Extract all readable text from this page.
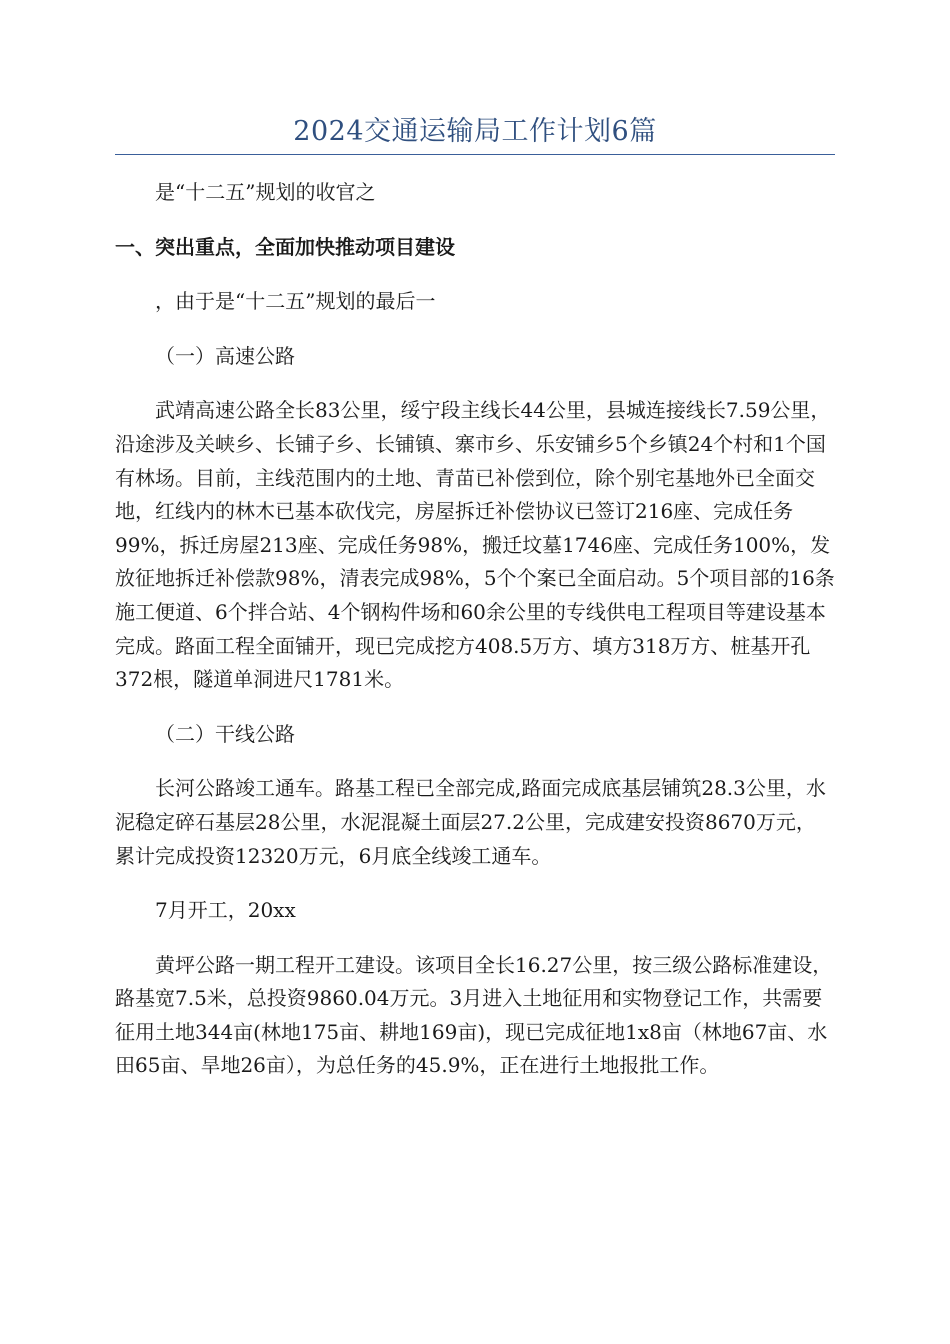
2024交通运输局工作计划6篇

是“十二五”规划的收官之

一、突出重点，全面加快推动项目建设

，由于是“十二五”规划的最后一

（一）高速公路

武靖高速公路全长83公里，绥宁段主线长44公里，县城连接线长7.59公里，沿途涉及关峡乡、长铺子乡、长铺镇、寨市乡、乐安铺乡5个乡镇24个村和1个国有林场。目前，主线范围内的土地、青苗已补偿到位，除个别宅基地外已全面交地，红线内的林木已基本砍伐完，房屋拆迁补偿协议已签订216座、完成任务99%，拆迁房屋213座、完成任务98%，搬迁坟墓1746座、完成任务100%，发放征地拆迁补偿款98%，清表完成98%，5个个案已全面启动。5个项目部的16条施工便道、6个拌合站、4个钢构件场和60余公里的专线供电工程项目等建设基本完成。路面工程全面铺开，现已完成挖方408.5万方、填方318万方、桩基开孔372根，隧道单洞进尺1781米。

（二）干线公路

长河公路竣工通车。路基工程已全部完成,路面完成底基层铺筑28.3公里，水泥稳定碎石基层28公里，水泥混凝土面层27.2公里，完成建安投资8670万元，累计完成投资12320万元，6月底全线竣工通车。

7月开工，20xx

黄坪公路一期工程开工建设。该项目全长16.27公里，按三级公路标准建设，路基宽7.5米，总投资9860.04万元。3月进入土地征用和实物登记工作，共需要征用土地344亩(林地175亩、耕地169亩)，现已完成征地1x8亩（林地67亩、水田65亩、旱地26亩），为总任务的45.9%，正在进行土地报批工作。
